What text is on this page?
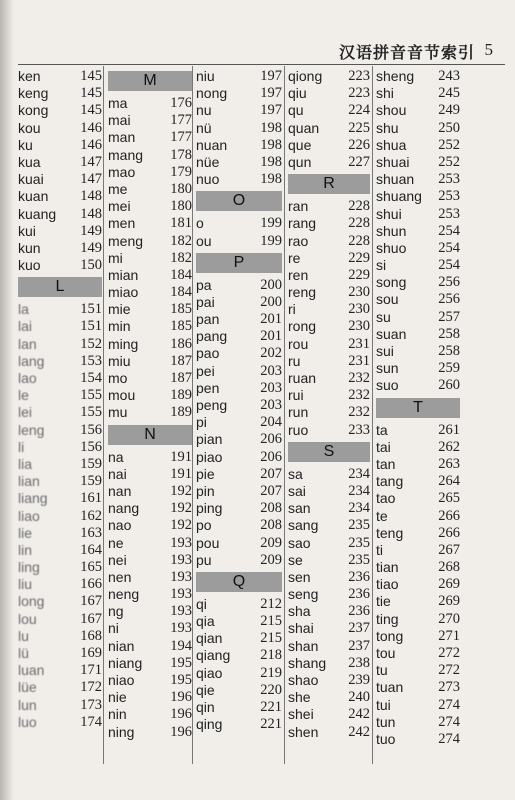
汉语拼音音节索引 5
ken	145
keng 145
kong 145
kou	146
ku	146
kua	147
kuai	147
kuan 148
kuang 148
kui	149
kun	149
kuo	150
L
la	151
lai	151
lan	152
lang 153
lao	154
le	155
lei	155
leng 156
li	156
lia	159
lian	159
liang 161
liao	162
lie	163
lin	164
ling	165
liu	166
long 167
lou	167
lu	168
lü	169
luan 171
lüe	172
lun	173
luo	174
M
ma	176
mai	177
man 177
mang 178
mao 179
me	180
mei	180
men 181
meng 182
mi	182
mian 184
miao 184
mie	185
min	185
ming 186
miu	187
mo	187
mou 189
mu	189
N
na	191
nai	191
nan	192
nang 192
nao	192
ne	193
nei	193
nen	193
neng 193
ng	193
ni	193
nian 194
niang 195
niao 195
nie	196
nin	196
ning 196
niu	197
nong 197
nu	197
nü	198
nuan 198
nüe	198
nuo	198
O
o	199
ou	199
P
pa	200
pai	200
pan	201
pang 201
pao	202
pei	203
pen	203
peng 203
pi	204
pian	206
piao	206
pie	207
pin	207
ping	208
po	208
pou	209
pu	209
Q
qi	212
qia	215
qian	215
qiang 218
qiao	219
qie	220
qin	221
qing	221
qiong 223
qiu	223
qu	224
quan 225
que	226
qun	227
R
ran	228
rang 228
rao	228
re	229
ren	229
reng 230
ri	230
rong 230
rou	231
ru	231
ruan 232
rui	232
run	232
ruo	233
S
sa	234
sai	234
san	234
sang 235
sao	235
se	235
sen	236
seng 236
sha	236
shai 237
shan 237
shang 238
shao 239
she	240
shei 242
shen 242
sheng 243
shi	245
shou 249
shu	250
shua 252
shuai 252
shuan 253
shuang 253
shui	253
shun 254
shuo 254
si	254
song 256
sou	256
su	257
suan 258
sui	258
sun	259
suo	260
T
ta	261
tai	262
tan	263
tang 264
tao	265
te	266
teng 266
ti	267
tian	268
tiao	269
tie	269
ting	270
tong 271
tou	272
tu	272
tuan 273
tui	274
tun	274
tuo	274
